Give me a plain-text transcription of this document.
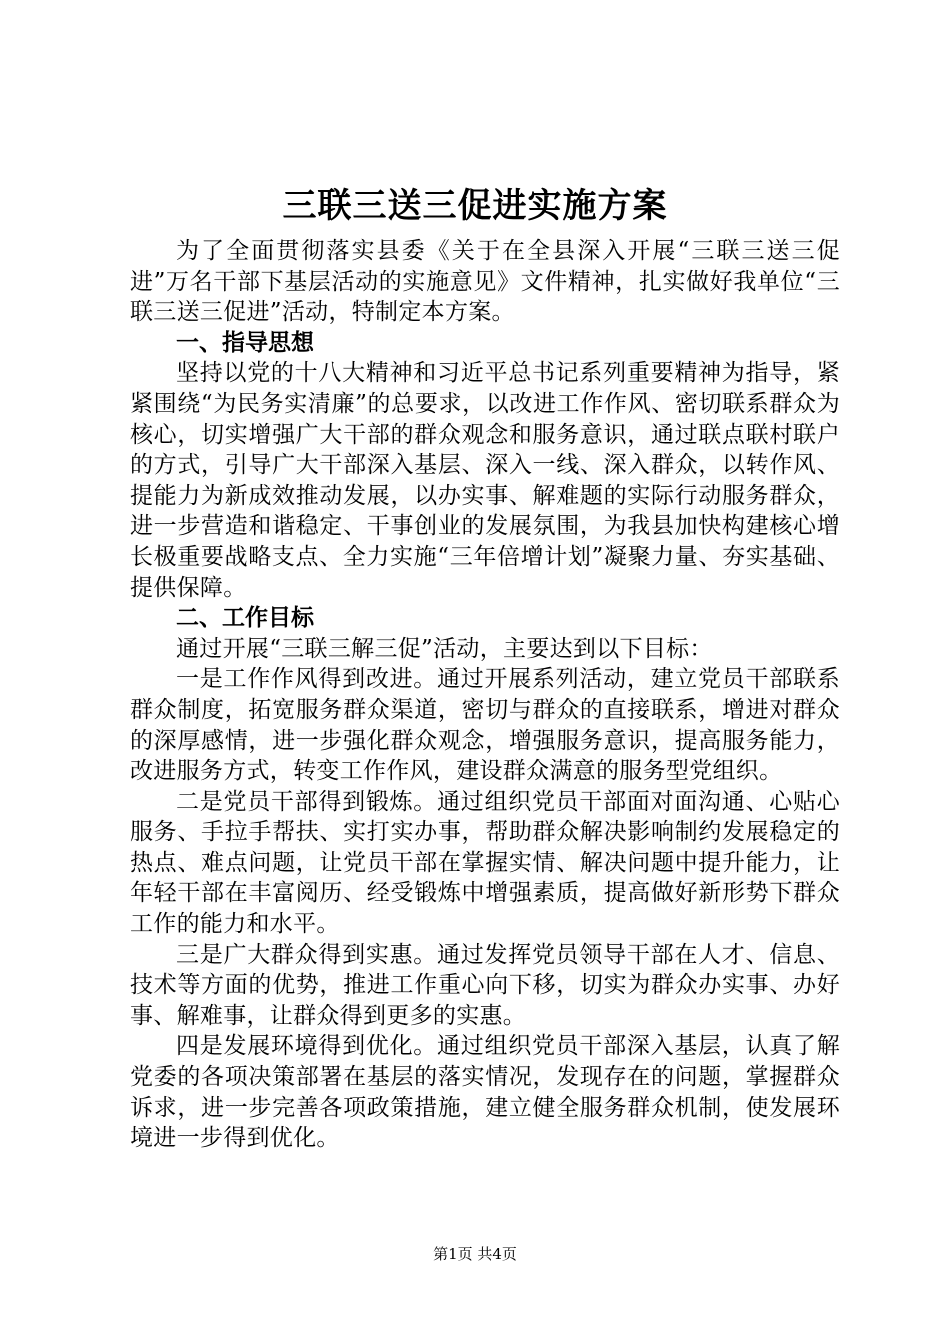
三联三送三促进实施方案

为了全面贯彻落实县委《关于在全县深入开展“三联三送三促进”万名干部下基层活动的实施意见》文件精神，扎实做好我单位“三联三送三促进”活动，特制定本方案。

一、指导思想

坚持以党的十八大精神和习近平总书记系列重要精神为指导，紧紧围绕“为民务实清廉”的总要求，以改进工作作风、密切联系群众为核心，切实增强广大干部的群众观念和服务意识，通过联点联村联户的方式，引导广大干部深入基层、深入一线、深入群众，以转作风、提能力为新成效推动发展，以办实事、解难题的实际行动服务群众，进一步营造和谐稳定、干事创业的发展氛围，为我县加快构建核心增长极重要战略支点、全力实施“三年倍增计划”凝聚力量、夯实基础、提供保障。

二、工作目标

通过开展“三联三解三促”活动，主要达到以下目标：

一是工作作风得到改进。通过开展系列活动，建立党员干部联系群众制度，拓宽服务群众渠道，密切与群众的直接联系，增进对群众的深厚感情，进一步强化群众观念，增强服务意识，提高服务能力，改进服务方式，转变工作作风，建设群众满意的服务型党组织。

二是党员干部得到锻炼。通过组织党员干部面对面沟通、心贴心服务、手拉手帮扶、实打实办事，帮助群众解决影响制约发展稳定的热点、难点问题，让党员干部在掌握实情、解决问题中提升能力，让年轻干部在丰富阅历、经受锻炼中增强素质，提高做好新形势下群众工作的能力和水平。

三是广大群众得到实惠。通过发挥党员领导干部在人才、信息、技术等方面的优势，推进工作重心向下移，切实为群众办实事、办好事、解难事，让群众得到更多的实惠。

四是发展环境得到优化。通过组织党员干部深入基层，认真了解党委的各项决策部署在基层的落实情况，发现存在的问题，掌握群众诉求，进一步完善各项政策措施，建立健全服务群众机制，使发展环境进一步得到优化。

第1页 共4页
